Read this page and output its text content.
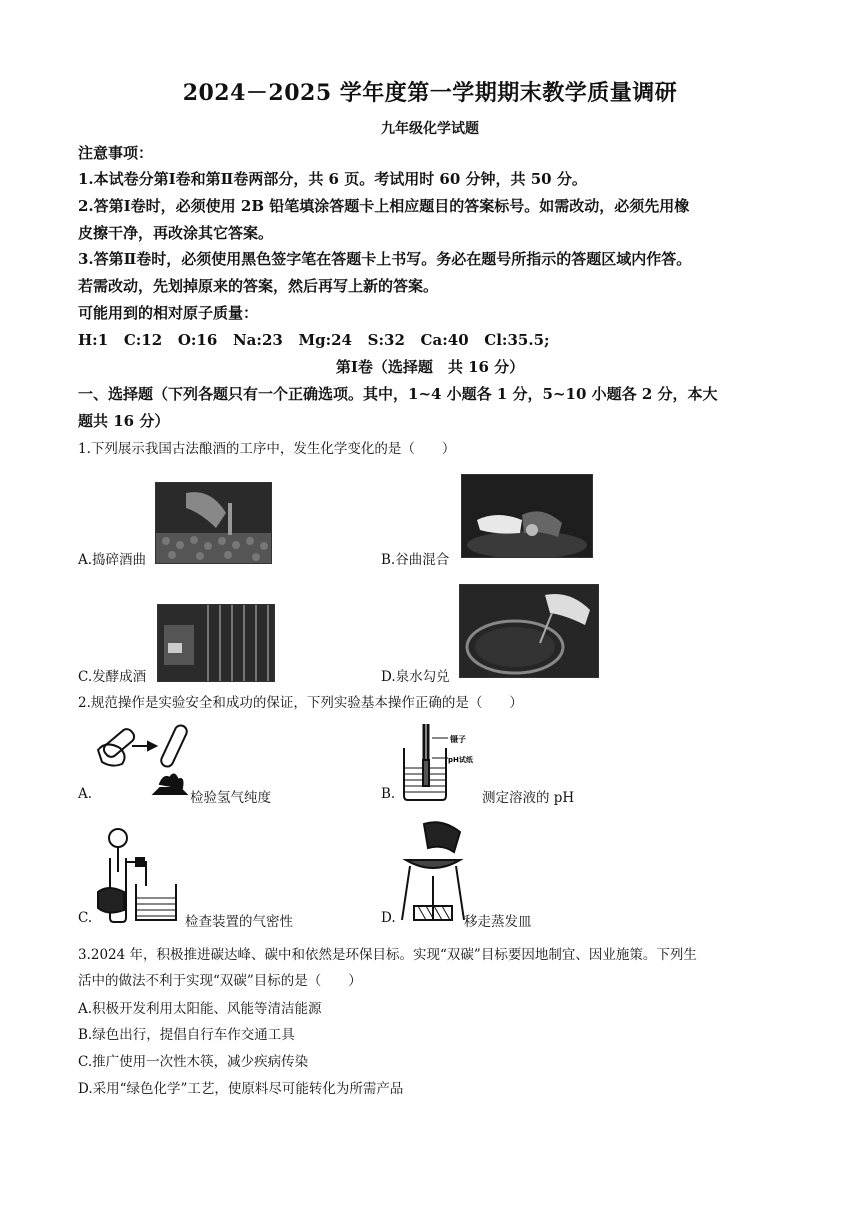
2024－2025 学年度第一学期期末教学质量调研
九年级化学试题
注意事项：
1.本试卷分第Ⅰ卷和第Ⅱ卷两部分，共 6 页。考试用时 60 分钟，共 50 分。
2.答第Ⅰ卷时，必须使用 2B 铅笔填涂答题卡上相应题目的答案标号。如需改动，必须先用橡
皮擦干净，再改涂其它答案。
3.答第Ⅱ卷时，必须使用黑色签字笔在答题卡上书写。务必在题号所指示的答题区域内作答。
若需改动，先划掉原来的答案，然后再写上新的答案。
可能用到的相对原子质量：
H:1   C:12   O:16   Na:23   Mg:24   S:32   Ca:40   Cl:35.5;
第Ⅰ卷（选择题　共 16 分）
一、选择题（下列各题只有一个正确选项。其中，1~4 小题各 1 分，5~10 小题各 2 分，本大
题共 16 分）
1.下列展示我国古法酿酒的工序中，发生化学变化的是（　　）
A.捣碎酒曲	B.谷曲混合
C.发酵成酒	D.泉水勾兑
2.规范操作是实验安全和成功的保证，下列实验基本操作正确的是（　　）
A.	检验氢气纯度
镊子
pH试纸
B.	测定溶液的 pH
C.	检查装置的气密性	D.	移走蒸发皿
3.2024 年，积极推进碳达峰、碳中和依然是环保目标。实现“双碳”目标要因地制宜、因业施策。下列生
活中的做法不利于实现“双碳”目标的是（　　）
A.积极开发利用太阳能、风能等清洁能源
B.绿色出行，提倡自行车作交通工具
C.推广使用一次性木筷，减少疾病传染
D.采用“绿色化学”工艺，使原料尽可能转化为所需产品
